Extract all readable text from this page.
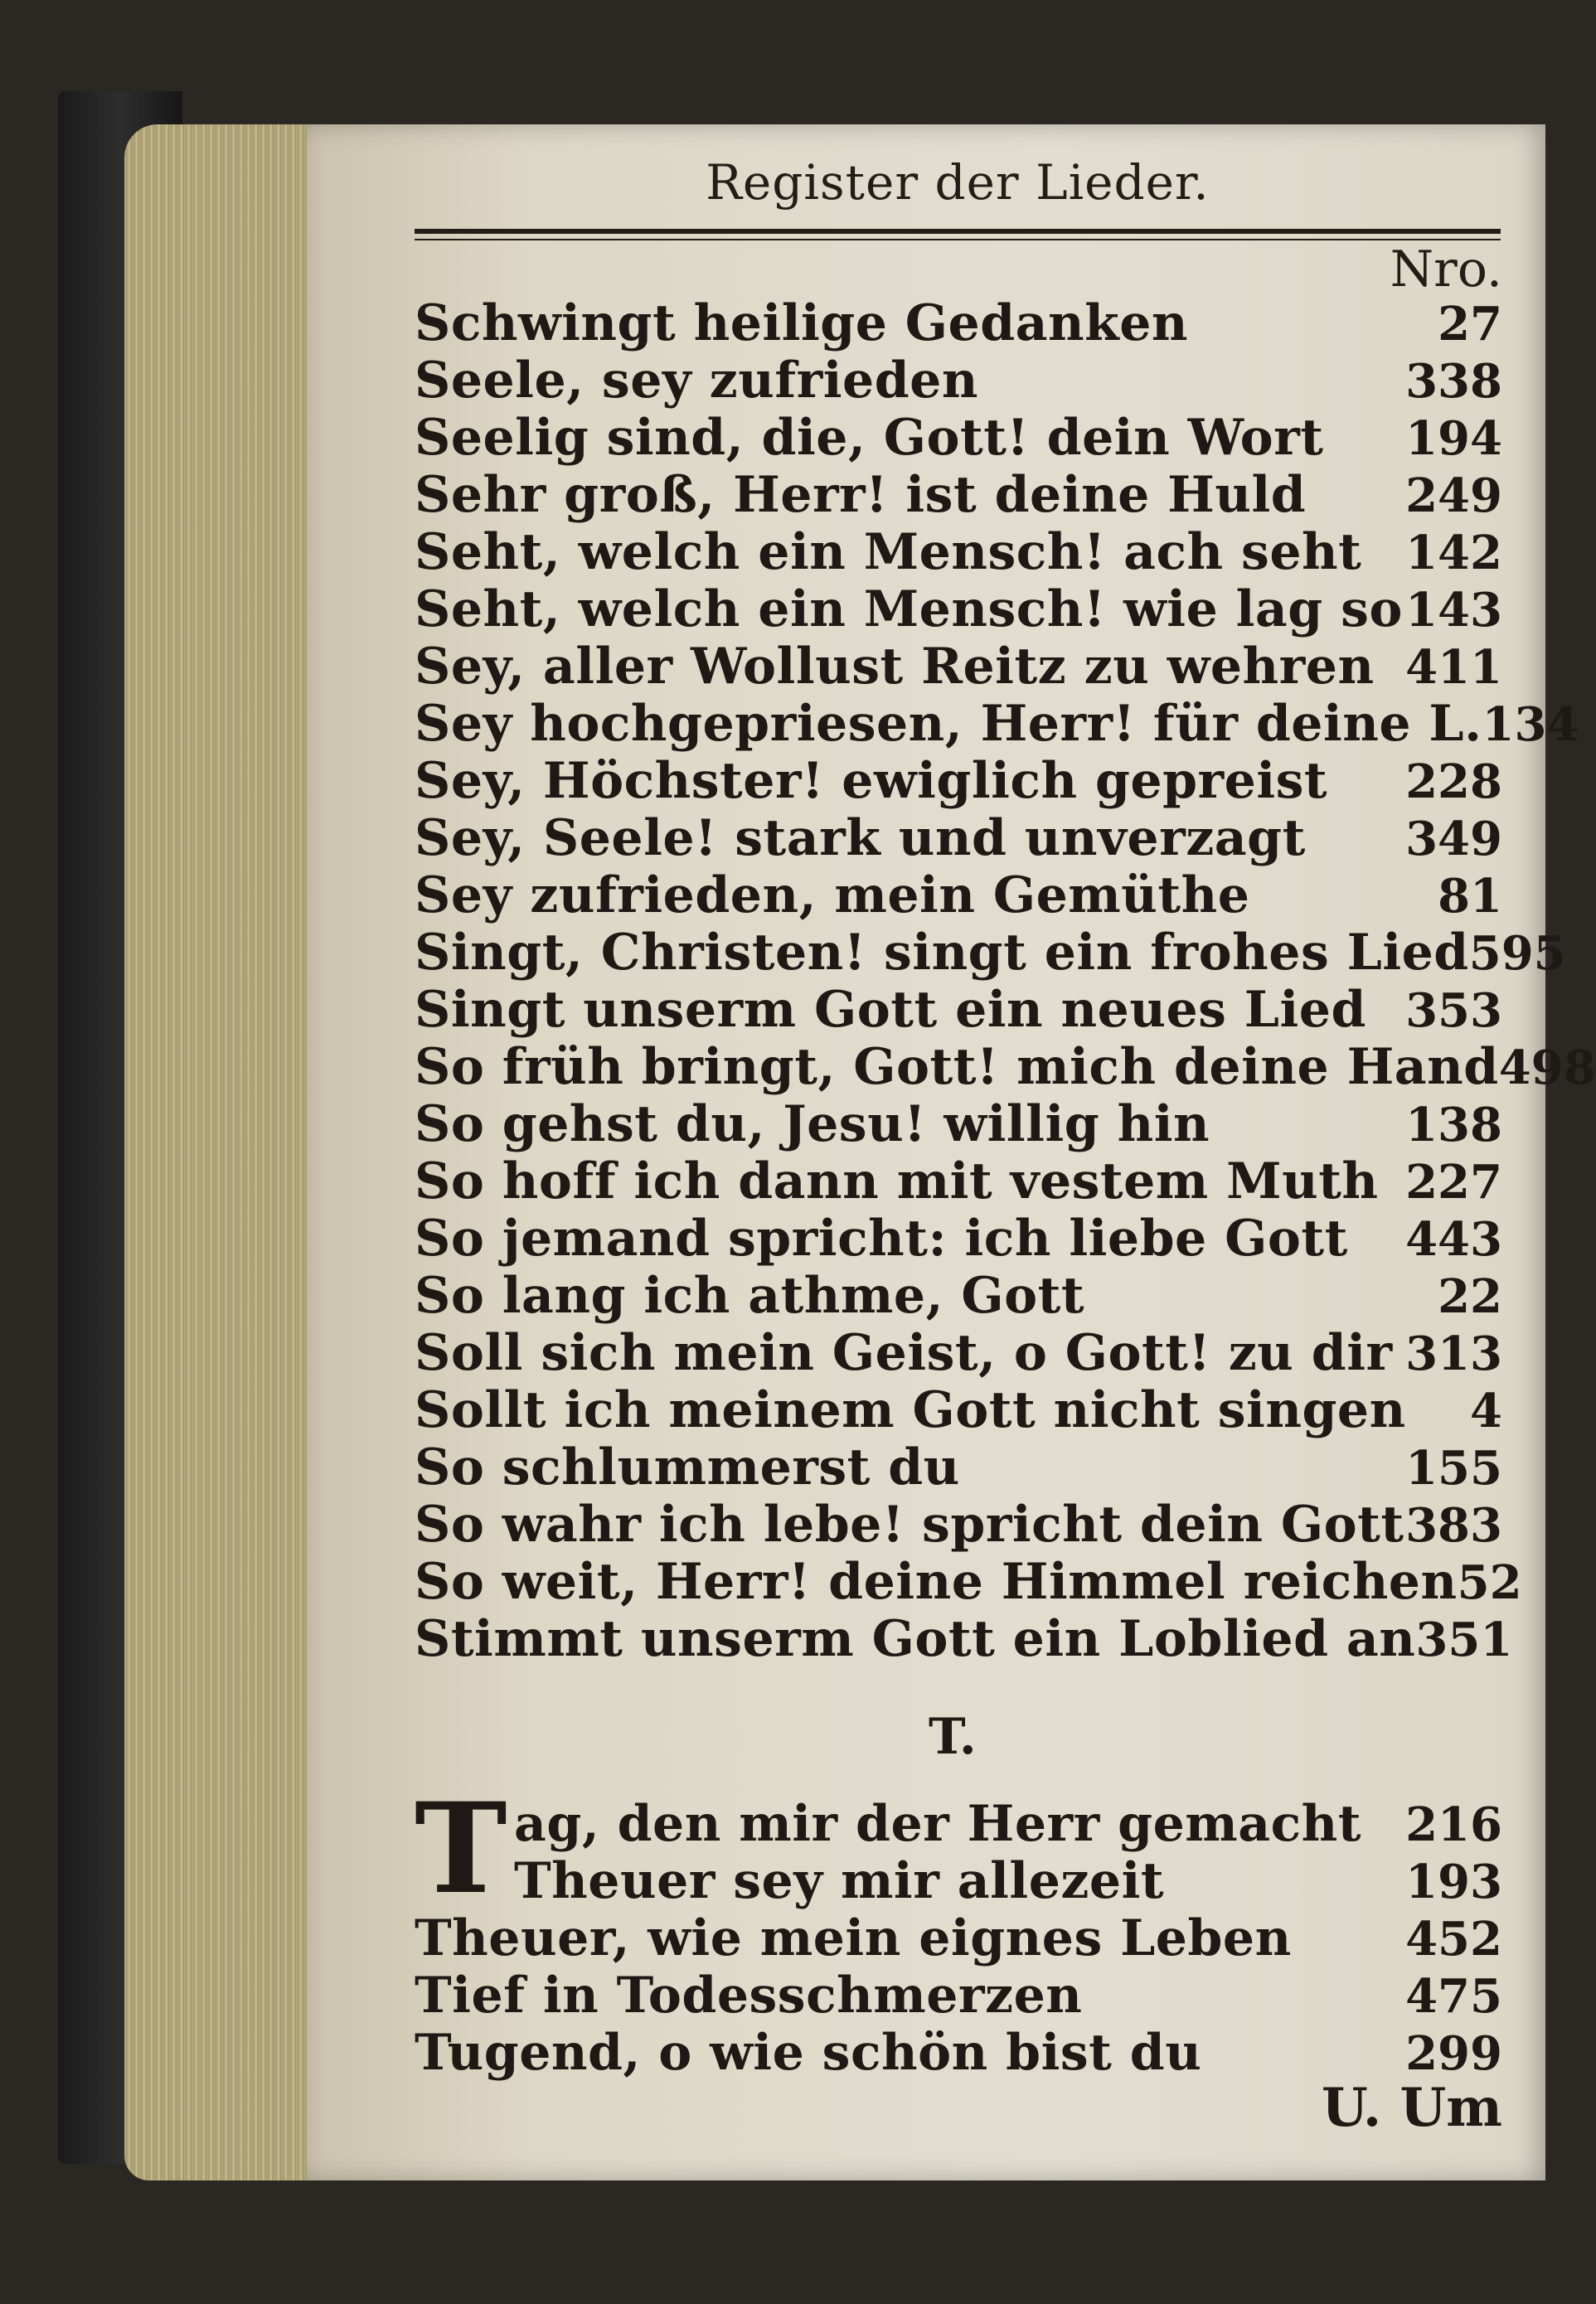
Register der Lieder.
Nro.
Schwingt heilige Gedanken	27
Seele, sey zufrieden	338
Seelig sind, die, Gott! dein Wort 194
Sehr groß, Herr! ist deine Huld 249
Seht, welch ein Mensch! ach seht 142
Seht, welch ein Mensch! wie lag so 143
Sey, aller Wollust Reitz zu wehren 411
Sey hochgepriesen, Herr! für deine L. 134
Sey, Höchster! ewiglich gepreist 228
Sey, Seele! stark und unverzagt 349
Sey zufrieden, mein Gemüthe	81
Singt, Christen! singt ein frohes Lied 595
Singt unserm Gott ein neues Lied 353
So früh bringt, Gott! mich deine Hand 498
So gehst du, Jesu! willig hin	138
So hoff ich dann mit vestem Muth 227
So jemand spricht: ich liebe Gott 443
So lang ich athme, Gott	22
Soll sich mein Geist, o Gott! zu dir 313
Sollt ich meinem Gott nicht singen 4
So schlummerst du	155
So wahr ich lebe! spricht dein Gott 383
So weit, Herr! deine Himmel reichen 52
Stimmt unserm Gott ein Loblied an 351
T.
T ag, den mir der Herr gemacht 216
Theuer sey mir allezeit	193
Theuer, wie mein eignes Leben 452
Tief in Todesschmerzen	475
Tugend, o wie schön bist du	299
U. Um
